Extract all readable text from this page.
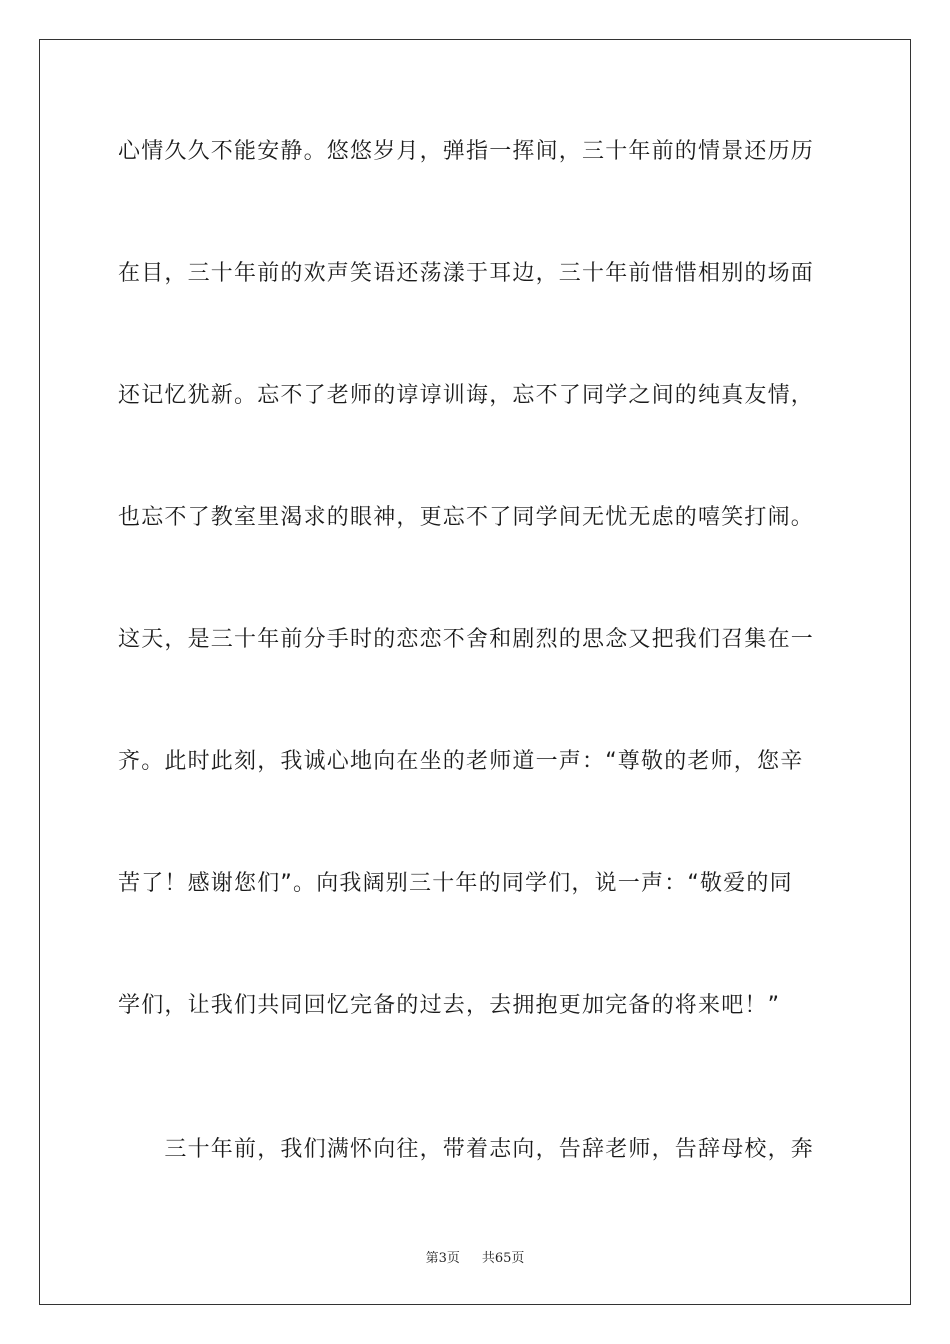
心情久久不能安静。悠悠岁月，弹指一挥间，三十年前的情景还历历
在目，三十年前的欢声笑语还荡漾于耳边，三十年前惜惜相别的场面
还记忆犹新。忘不了老师的谆谆训诲，忘不了同学之间的纯真友情，
也忘不了教室里渴求的眼神，更忘不了同学间无忧无虑的嘻笑打闹。
这天，是三十年前分手时的恋恋不舍和剧烈的思念又把我们召集在一
齐。此时此刻，我诚心地向在坐的老师道一声：“尊敬的老师，您辛
苦了！感谢您们”。向我阔别三十年的同学们，说一声：“敬爱的同
学们，让我们共同回忆完备的过去，去拥抱更加完备的将来吧！”
　　三十年前，我们满怀向往，带着志向，告辞老师，告辞母校，奔
第3页 共65页
